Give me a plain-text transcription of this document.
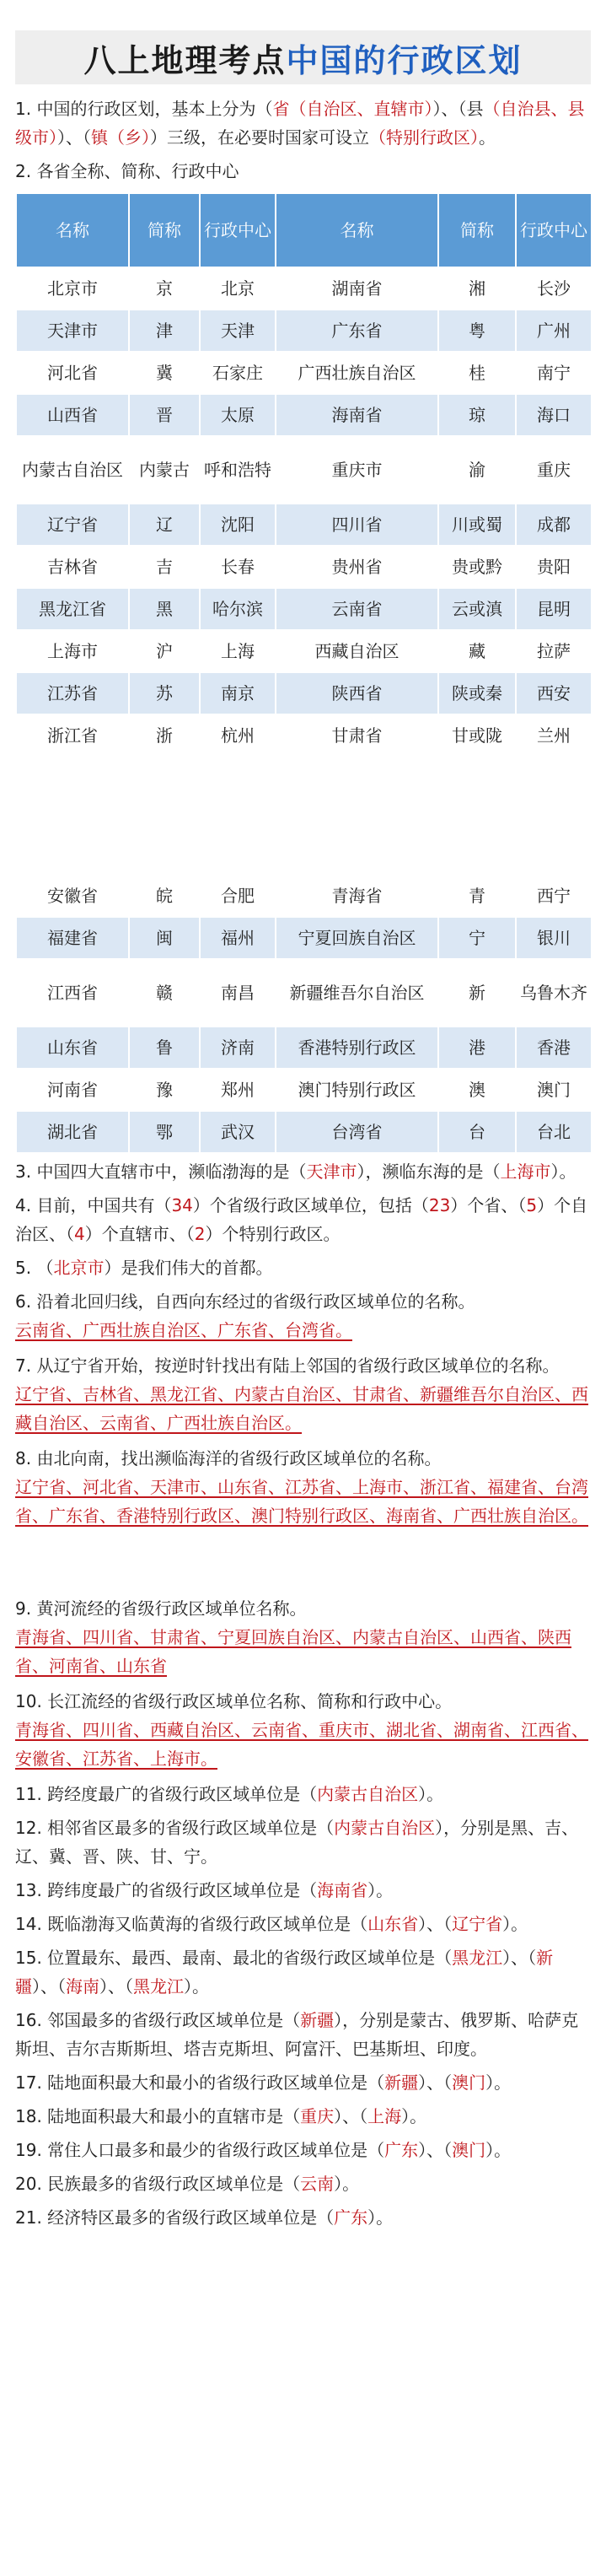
八上地理考点 中国的行政区划

1. 中国的行政区划，基本上分为（省（自治区、直辖市））、（县（自治县、县级市））、（镇（乡））三级，在必要时国家可设立（特别行政区）。

2. 各省全称、简称、行政中心

名称	简称	行政中心	名称	简称	行政中心
北京市	京	北京	湖南省	湘	长沙
天津市	津	天津	广东省	粤	广州
河北省	冀	石家庄	广西壮族自治区	桂	南宁
山西省	晋	太原	海南省	琼	海口
内蒙古自治区	内蒙古	呼和浩特	重庆市	渝	重庆
辽宁省	辽	沈阳	四川省	川或蜀	成都
吉林省	吉	长春	贵州省	贵或黔	贵阳
黑龙江省	黑	哈尔滨	云南省	云或滇	昆明
上海市	沪	上海	西藏自治区	藏	拉萨
江苏省	苏	南京	陕西省	陕或秦	西安
浙江省	浙	杭州	甘肃省	甘或陇	兰州
安徽省	皖	合肥	青海省	青	西宁
福建省	闽	福州	宁夏回族自治区	宁	银川
江西省	赣	南昌	新疆维吾尔自治区	新	乌鲁木齐
山东省	鲁	济南	香港特别行政区	港	香港
河南省	豫	郑州	澳门特别行政区	澳	澳门
湖北省	鄂	武汉	台湾省	台	台北

3. 中国四大直辖市中，濒临渤海的是（天津市），濒临东海的是（上海市）。

4. 目前，中国共有（34）个省级行政区域单位，包括（23）个省、（5）个自治区、（4）个直辖市、（2）个特别行政区。

5. （北京市）是我们伟大的首都。

6. 沿着北回归线，自西向东经过的省级行政区域单位的名称。

云南省、广西壮族自治区、广东省、台湾省。

7. 从辽宁省开始，按逆时针找出有陆上邻国的省级行政区域单位的名称。

辽宁省、吉林省、黑龙江省、内蒙古自治区、甘肃省、新疆维吾尔自治区、西藏自治区、云南省、广西壮族自治区。

8. 由北向南，找出濒临海洋的省级行政区域单位的名称。

辽宁省、河北省、天津市、山东省、江苏省、上海市、浙江省、福建省、台湾省、广东省、香港特别行政区、澳门特别行政区、海南省、广西壮族自治区。

9. 黄河流经的省级行政区域单位名称。

青海省、四川省、甘肃省、宁夏回族自治区、内蒙古自治区、山西省、陕西省、河南省、山东省

10. 长江流经的省级行政区域单位名称、简称和行政中心。

青海省、四川省、西藏自治区、云南省、重庆市、湖北省、湖南省、江西省、安徽省、江苏省、上海市。

11. 跨经度最广的省级行政区域单位是（内蒙古自治区）。

12. 相邻省区最多的省级行政区域单位是（内蒙古自治区），分别是黑、吉、辽、冀、晋、陕、甘、宁。

13. 跨纬度最广的省级行政区域单位是（海南省）。

14. 既临渤海又临黄海的省级行政区域单位是（山东省）、（辽宁省）。

15. 位置最东、最西、最南、最北的省级行政区域单位是（黑龙江）、（新疆）、（海南）、（黑龙江）。

16. 邻国最多的省级行政区域单位是（新疆），分别是蒙古、俄罗斯、哈萨克斯坦、吉尔吉斯斯坦、塔吉克斯坦、阿富汗、巴基斯坦、印度。

17. 陆地面积最大和最小的省级行政区域单位是（新疆）、（澳门）。

18. 陆地面积最大和最小的直辖市是（重庆）、（上海）。

19. 常住人口最多和最少的省级行政区域单位是（广东）、（澳门）。

20. 民族最多的省级行政区域单位是（云南）。

21. 经济特区最多的省级行政区域单位是（广东）。
